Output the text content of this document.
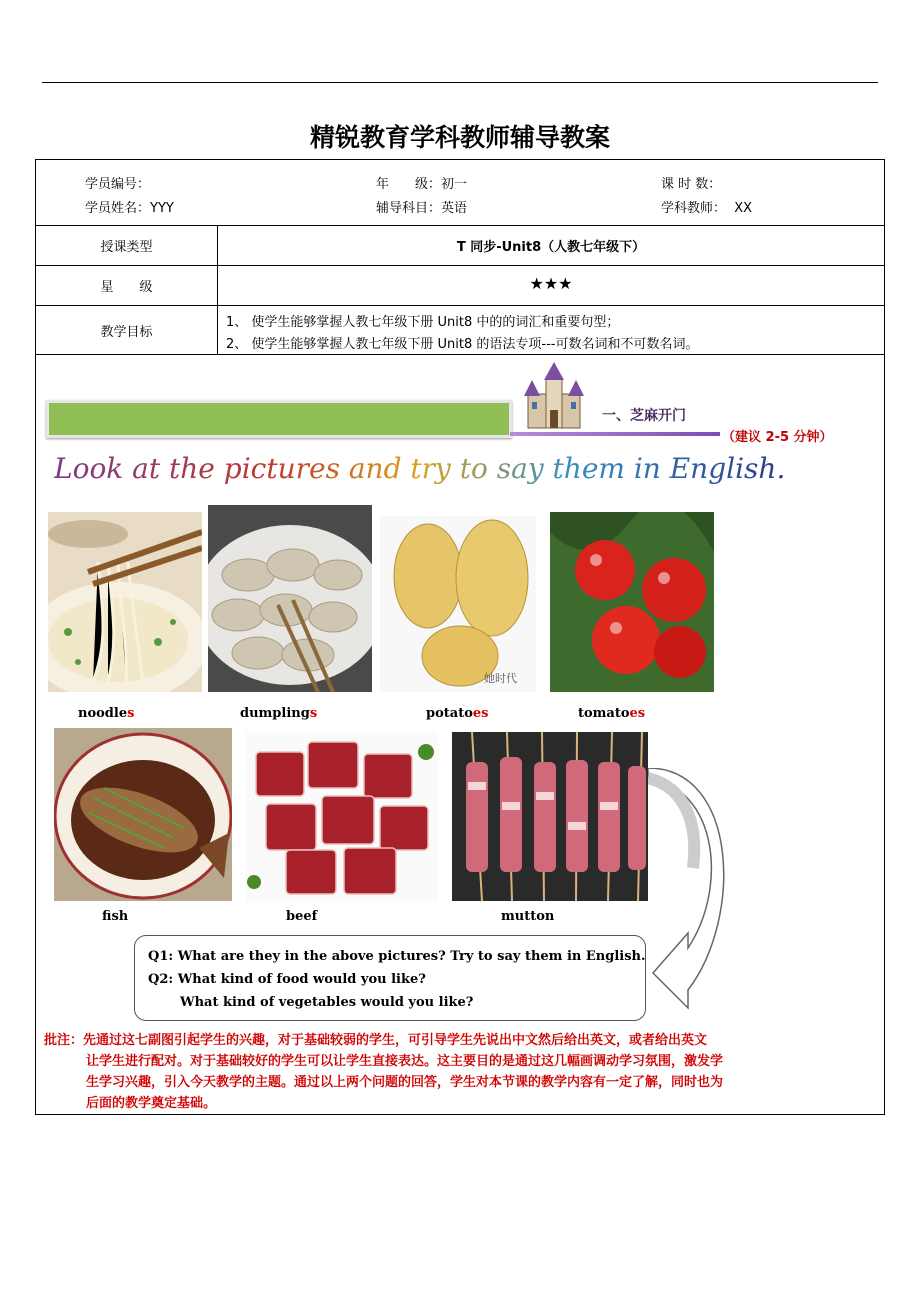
精锐教育学科教师辅导教案
学员编号：	年　　级：初一	课 时 数：
学员姓名：YYY	辅导科目：英语	学科教师： XX
授课类型	T 同步-Unit8（人教七年级下）
星　　级	★★★
教学目标
1、 使学生能够掌握人教七年级下册 Unit8 中的的词汇和重要句型；
2、 使学生能够掌握人教七年级下册 Unit8 的语法专项---可数名词和不可数名词。
一、芝麻开门
（建议 2-5 分钟）
Look at the pictures and try to say them in English.
她时代
noodles	dumplings	potatoes	tomatoes
fish	beef	mutton
Q1: What are they in the above pictures? Try to say them in English.
Q2: What kind of food would you like?
What kind of vegetables would you like?
批注：先通过这七副图引起学生的兴趣，对于基础较弱的学生，可引导学生先说出中文然后给出英文，或者给出英文
让学生进行配对。对于基础较好的学生可以让学生直接表达。这主要目的是通过这几幅画调动学习氛围，激发学
生学习兴趣，引入今天教学的主题。通过以上两个问题的回答，学生对本节课的教学内容有一定了解，同时也为
后面的教学奠定基础。
